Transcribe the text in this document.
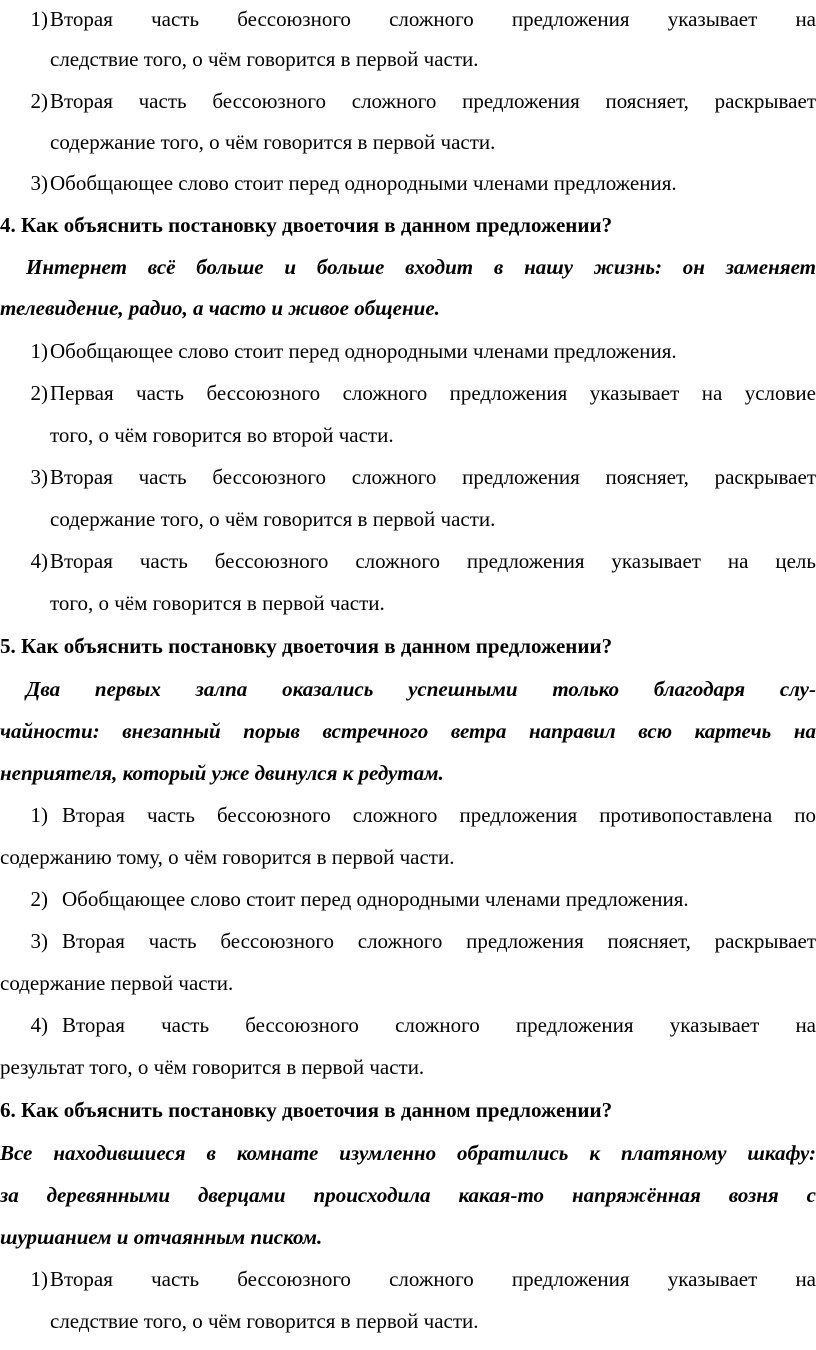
1) Вторая часть бессоюзного сложного предложения указывает на
следствие того, о чём говорится в первой части.
2) Вторая часть бессоюзного сложного предложения поясняет, раскрывает
содержание того, о чём говорится в первой части.
3) Обобщающее слово стоит перед однородными членами предложения.
4. Как объяснить постановку двоеточия в данном предложении?
Интернет всё больше и больше входит в нашу жизнь: он заменяет
телевидение, радио, а часто и живое общение.
1) Обобщающее слово стоит перед однородными членами предложения.
2) Первая часть бессоюзного сложного предложения указывает на условие
того, о чём говорится во второй части.
3) Вторая часть бессоюзного сложного предложения поясняет, раскрывает
содержание того, о чём говорится в первой части.
4) Вторая часть бессоюзного сложного предложения указывает на цель
того, о чём говорится в первой части.
5. Как объяснить постановку двоеточия в данном предложении?
Два первых залпа оказались успешными только благодаря слу-
чайности: внезапный порыв встречного ветра направил всю картечь на
неприятеля, который уже двинулся к редутам.
1) Вторая часть бессоюзного сложного предложения противопоставлена по
содержанию тому, о чём говорится в первой части.
2) Обобщающее слово стоит перед однородными членами предложения.
3) Вторая часть бессоюзного сложного предложения поясняет, раскрывает
содержание первой части.
4) Вторая часть бессоюзного сложного предложения указывает на
результат того, о чём говорится в первой части.
6. Как объяснить постановку двоеточия в данном предложении?
Все находившиеся в комнате изумленно обратились к платяному шкафу:
за деревянными дверцами происходила какая-то напряжённая возня с
шуршанием и отчаянным писком.
1) Вторая часть бессоюзного сложного предложения указывает на
следствие того, о чём говорится в первой части.
